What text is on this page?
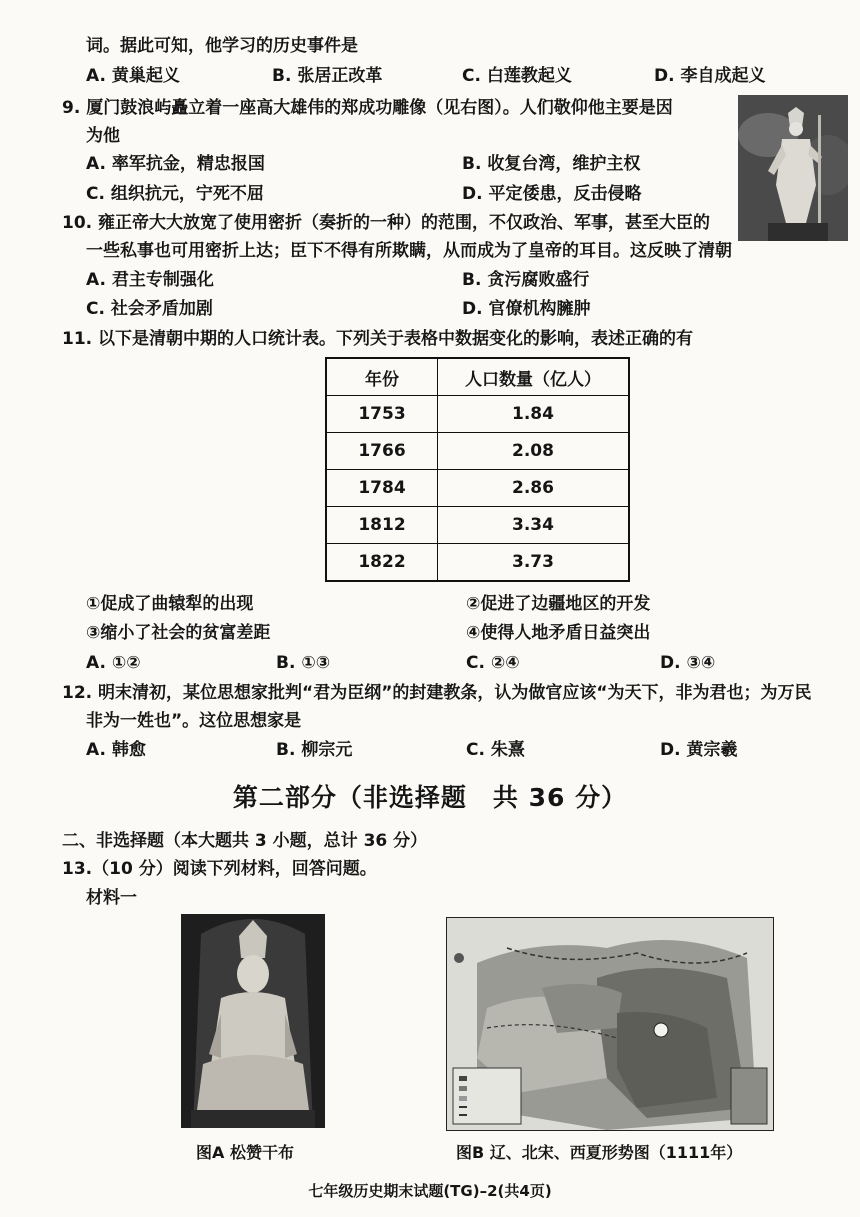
词。据此可知，他学习的历史事件是
A. 黄巢起义	B. 张居正改革	C. 白莲教起义	D. 李自成起义
9. 厦门鼓浪屿矗立着一座高大雄伟的郑成功雕像（见右图）。人们敬仰他主要是因
为他
A. 率军抗金，精忠报国	B. 收复台湾，维护主权
C. 组织抗元，宁死不屈	D. 平定倭患，反击侵略
10. 雍正帝大大放宽了使用密折（奏折的一种）的范围，不仅政治、军事，甚至大臣的
一些私事也可用密折上达；臣下不得有所欺瞒，从而成为了皇帝的耳目。这反映了清朝
A. 君主专制强化	B. 贪污腐败盛行
C. 社会矛盾加剧	D. 官僚机构臃肿
11. 以下是清朝中期的人口统计表。下列关于表格中数据变化的影响，表述正确的有
年份	人口数量（亿人）
1753	1.84
1766	2.08
1784	2.86
1812	3.34
1822	3.73
①促成了曲辕犁的出现	②促进了边疆地区的开发
③缩小了社会的贫富差距	④使得人地矛盾日益突出
A. ①②	B. ①③	C. ②④	D. ③④
12. 明末清初，某位思想家批判“君为臣纲”的封建教条，认为做官应该“为天下，非为君也；为万民
非为一姓也”。这位思想家是
A. 韩愈	B. 柳宗元	C. 朱熹	D. 黄宗羲
第二部分（非选择题　共 36 分）
二、非选择题（本大题共 3 小题，总计 36 分）
13.（10 分）阅读下列材料，回答问题。
材料一
图A 松赞干布	图B 辽、北宋、西夏形势图（1111年）
七年级历史期末试题(TG)–2(共4页)
